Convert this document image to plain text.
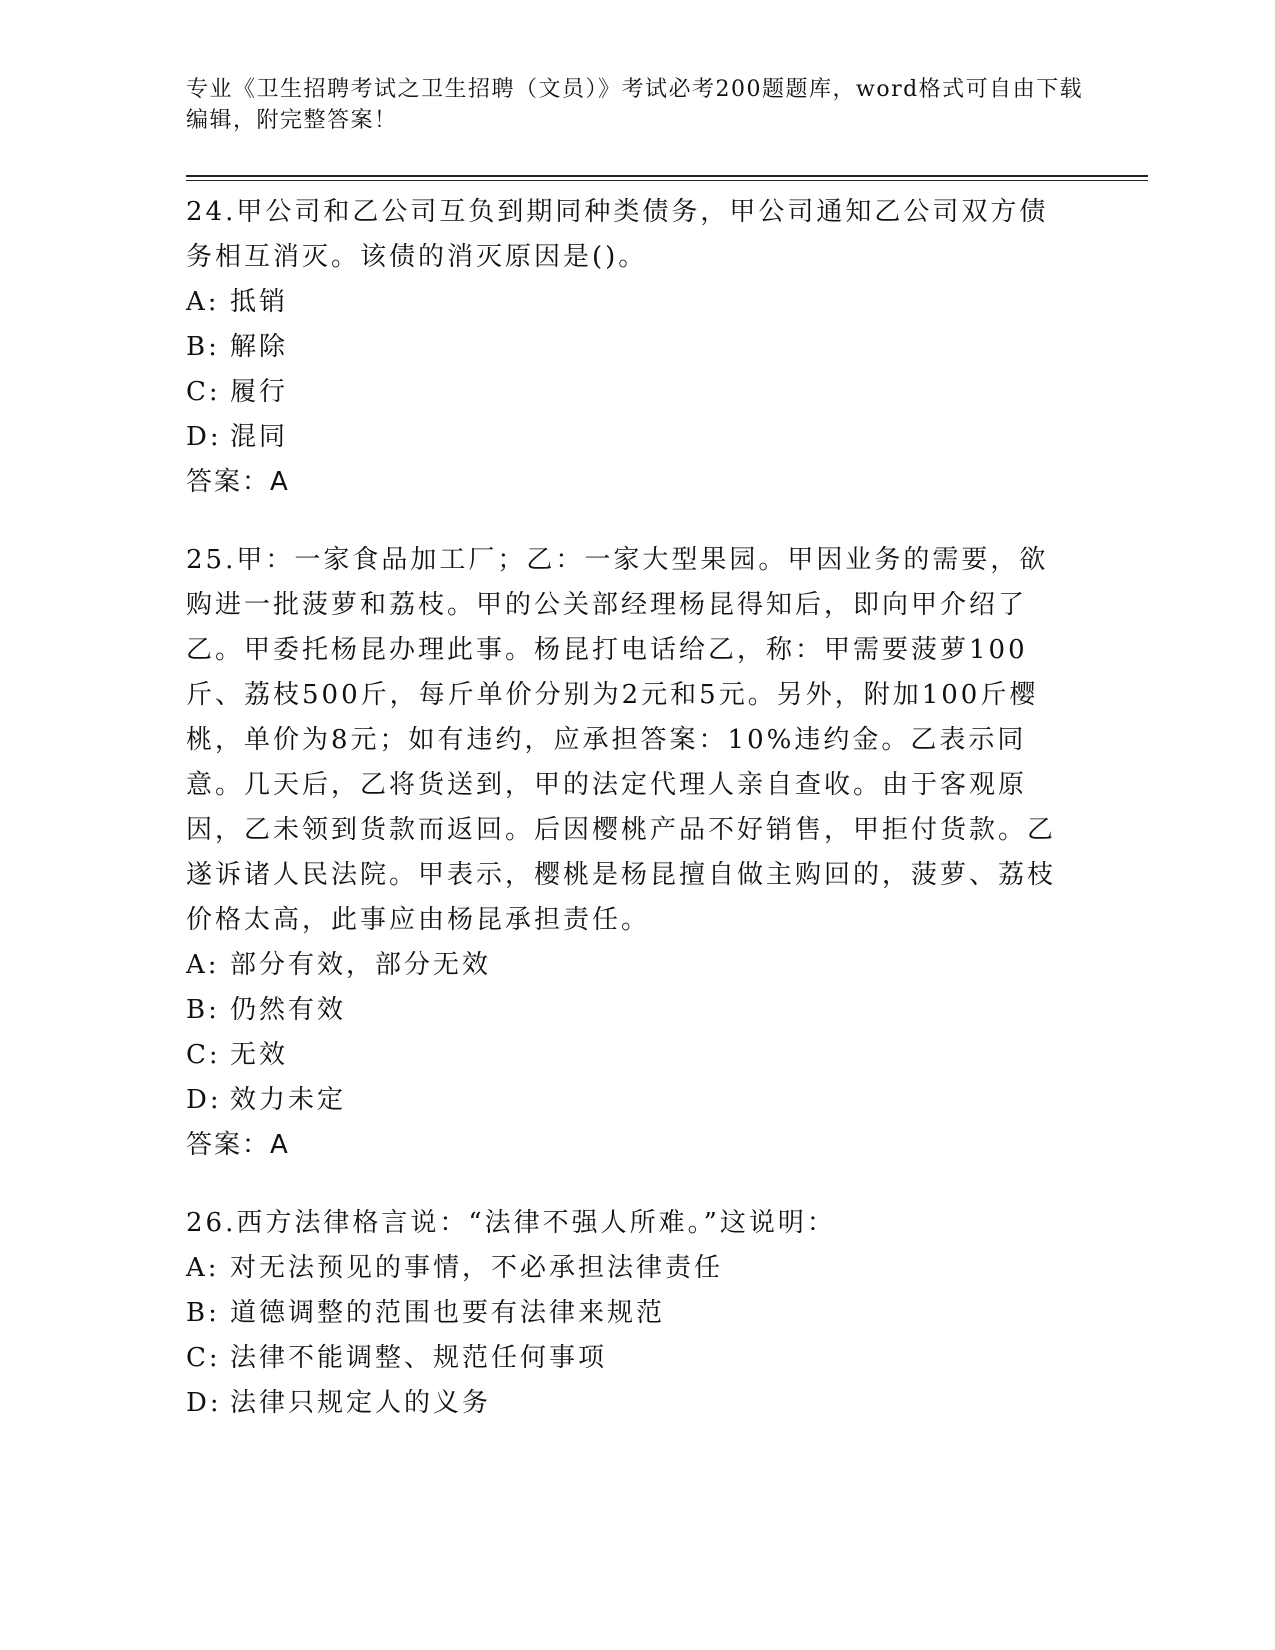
专业《卫生招聘考试之卫生招聘（文员）》考试必考200题题库，word格式可自由下载编辑，附完整答案！
24.甲公司和乙公司互负到期同种类债务，甲公司通知乙公司双方债务相互消灭。该债的消灭原因是()。
A: 抵销
B: 解除
C: 履行
D: 混同
答案：A
25.甲：一家食品加工厂；乙：一家大型果园。甲因业务的需要，欲购进一批菠萝和荔枝。甲的公关部经理杨昆得知后，即向甲介绍了乙。甲委托杨昆办理此事。杨昆打电话给乙，称：甲需要菠萝100斤、荔枝500斤，每斤单价分别为2元和5元。另外，附加100斤樱桃，单价为8元；如有违约，应承担答案：10%违约金。乙表示同意。几天后，乙将货送到，甲的法定代理人亲自查收。由于客观原因，乙未领到货款而返回。后因樱桃产品不好销售，甲拒付货款。乙遂诉诸人民法院。甲表示，樱桃是杨昆擅自做主购回的，菠萝、荔枝价格太高，此事应由杨昆承担责任。
A: 部分有效，部分无效
B: 仍然有效
C: 无效
D: 效力未定
答案：A
26.西方法律格言说：“法律不强人所难。”这说明：
A: 对无法预见的事情，不必承担法律责任
B: 道德调整的范围也要有法律来规范
C: 法律不能调整、规范任何事项
D: 法律只规定人的义务
